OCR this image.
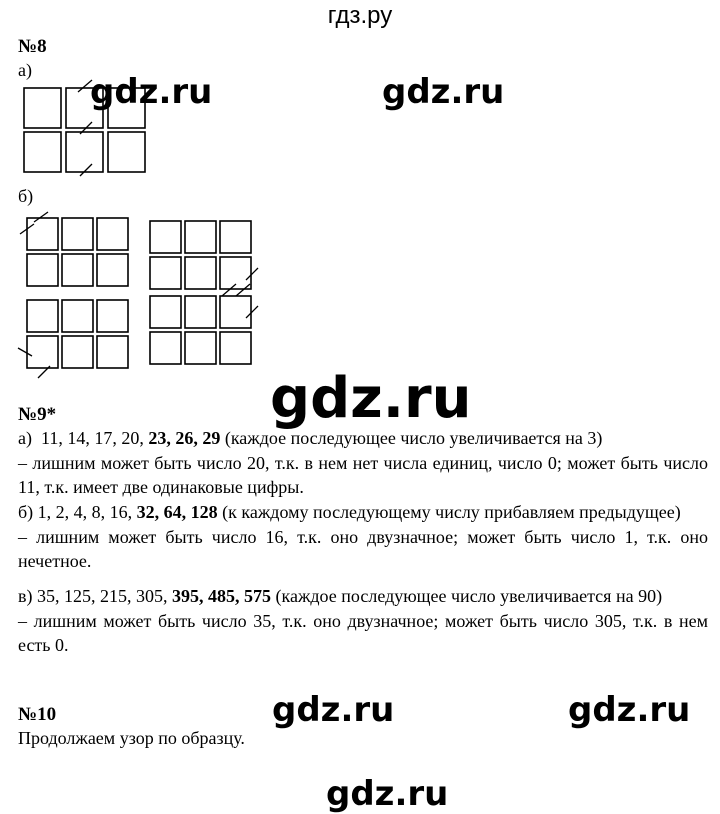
гдз.ру
gdz.ru	gdz.ru
gdz.ru
gdz.ru	gdz.ru
gdz.ru
№8
а)
б)
№9*
а) 11, 14, 17, 20, 23, 26, 29 (каждое последующее число увеличивается на 3)
– лишним может быть число 20, т.к. в нем нет числа единиц, число 0; может быть число 11, т.к. имеет две одинаковые цифры.
б) 1, 2, 4, 8, 16, 32, 64, 128 (к каждому последующему числу прибавляем предыдущее)
– лишним может быть число 16, т.к. оно двузначное; может быть число 1, т.к. оно нечетное.
в) 35, 125, 215, 305, 395, 485, 575 (каждое последующее число увеличивается на 90)
– лишним может быть число 35, т.к. оно двузначное; может быть число 305, т.к. в нем есть 0.
№10
Продолжаем узор по образцу.
